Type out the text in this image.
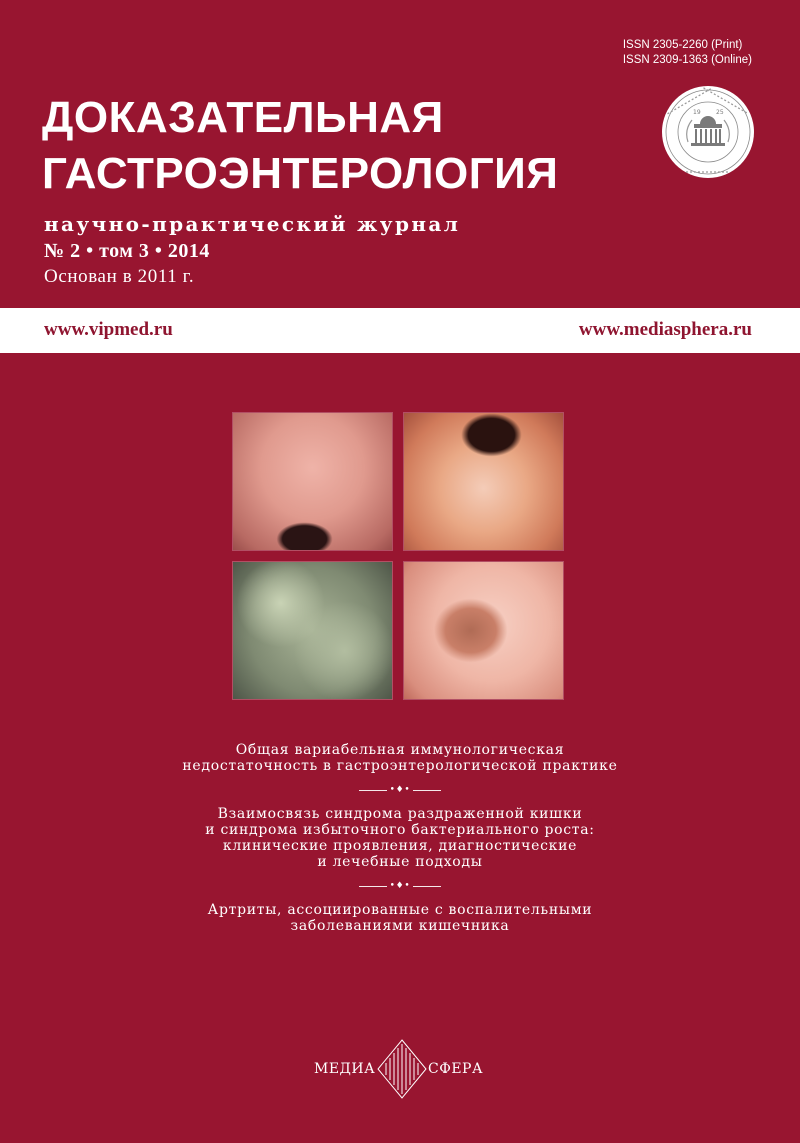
ISSN 2305-2260 (Print)
ISSN 2309-1363 (Online)
ДОКАЗАТЕЛЬНАЯ
ГАСТРОЭНТЕРОЛОГИЯ
научно-практический журнал
№ 2 • том 3 • 2014
Основан в 2011 г.
19	25
www.vipmed.ru	www.mediasphera.ru
Общая вариабельная иммунологическая
недостаточность в гастроэнтерологической практике
•♦•
Взаимосвязь синдрома раздраженной кишки
и синдрома избыточного бактериального роста:
клинические проявления, диагностические
и лечебные подходы
•♦•
Артриты, ассоциированные с воспалительными
заболеваниями кишечника
МЕДИА	СФЕРА
